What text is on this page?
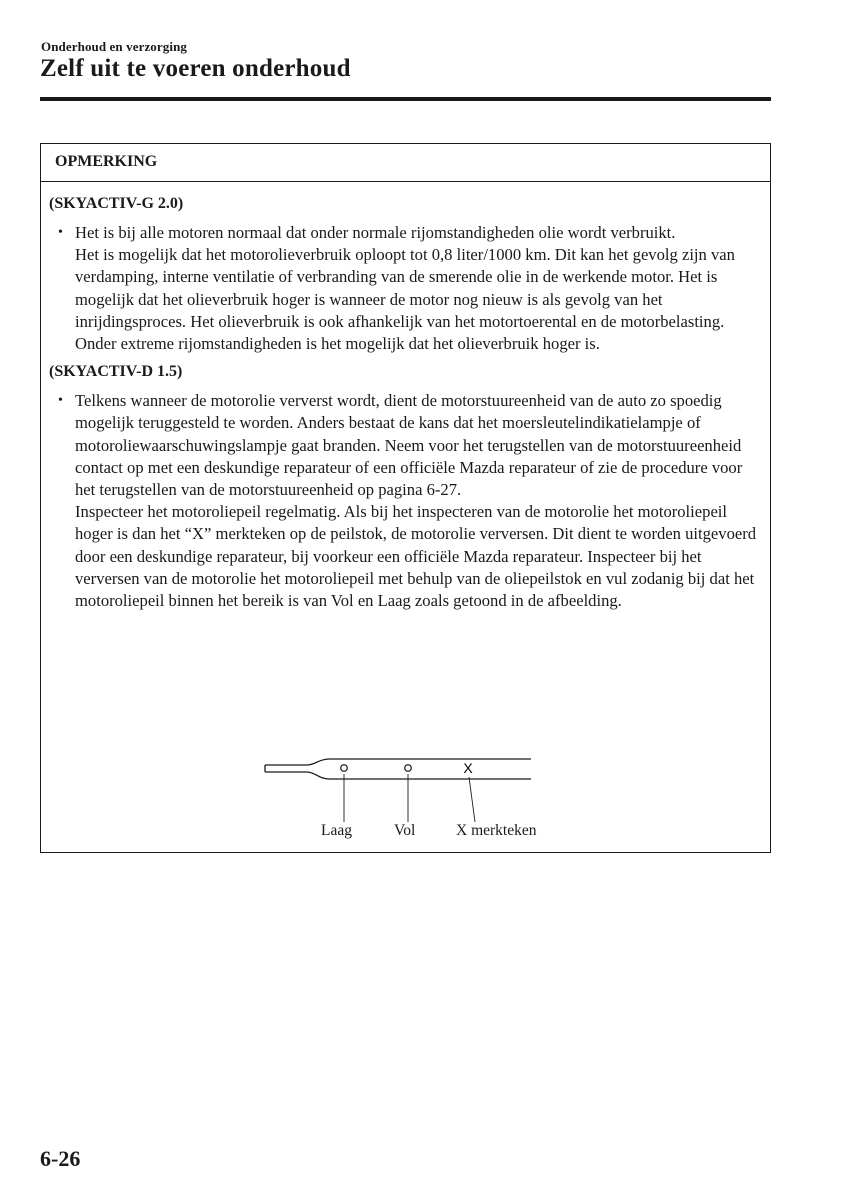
Onderhoud en verzorging
Zelf uit te voeren onderhoud
OPMERKING
(SKYACTIV-G 2.0)
• Het is bij alle motoren normaal dat onder normale rijomstandigheden olie wordt verbruikt.

Het is mogelijk dat het motorolieverbruik oploopt tot 0,8 liter/1000 km. Dit kan het gevolg zijn van verdamping, interne ventilatie of verbranding van de smerende olie in de werkende motor. Het is mogelijk dat het olieverbruik hoger is wanneer de motor nog nieuw is als gevolg van het inrijdingsproces. Het olieverbruik is ook afhankelijk van het motortoerental en de motorbelasting. Onder extreme rijomstandigheden is het mogelijk dat het olieverbruik hoger is.

(SKYACTIV-D 1.5)
• Telkens wanneer de motorolie ververst wordt, dient de motorstuureenheid van de auto zo spoedig mogelijk teruggesteld te worden. Anders bestaat de kans dat het moersleutelindikatielampje of motoroliewaarschuwingslampje gaat branden. Neem voor het terugstellen van de motorstuureenheid contact op met een deskundige reparateur of een officiële Mazda reparateur of zie de procedure voor het terugstellen van de motorstuureenheid op pagina 6-27.

Inspecteer het motoroliepeil regelmatig. Als bij het inspecteren van de motorolie het motoroliepeil hoger is dan het “X” merkteken op de peilstok, de motorolie verversen. Dit dient te worden uitgevoerd door een deskundige reparateur, bij voorkeur een officiële Mazda reparateur. Inspecteer bij het verversen van de motorolie het motoroliepeil met behulp van de oliepeilstok en vul zodanig bij dat het motoroliepeil binnen het bereik is van Vol en Laag zoals getoond in de afbeelding.

X
Laag	Vol	X merkteken
6-26
